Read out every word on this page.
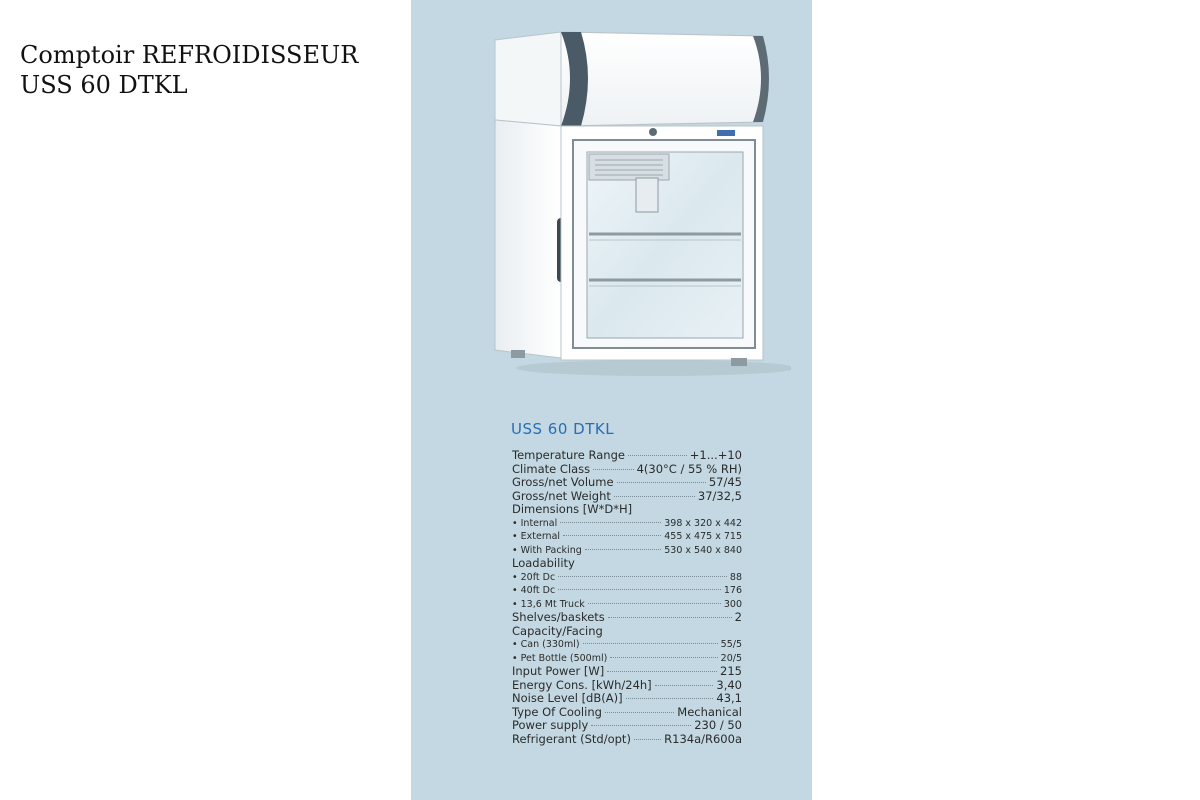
Comptoir REFROIDISSEUR
USS 60 DTKL
USS 60 DTKL
Temperature Range	+1...+10
Climate Class	4(30°C / 55 % RH)
Gross/net Volume	57/45
Gross/net Weight	37/32,5
Dimensions [W*D*H]
• Internal	398 x 320 x 442
• External	455 x 475 x 715
• With Packing	530 x 540 x 840
Loadability
• 20ft Dc	88
• 40ft Dc	176
• 13,6 Mt Truck	300
Shelves/baskets	2
Capacity/Facing
• Can (330ml)	55/5
• Pet Bottle (500ml)	20/5
Input Power [W]	215
Energy Cons. [kWh/24h]	3,40
Noise Level [dB(A)]	43,1
Type Of Cooling	Mechanical
Power supply	230 / 50
Refrigerant (Std/opt)	R134a/R600a
